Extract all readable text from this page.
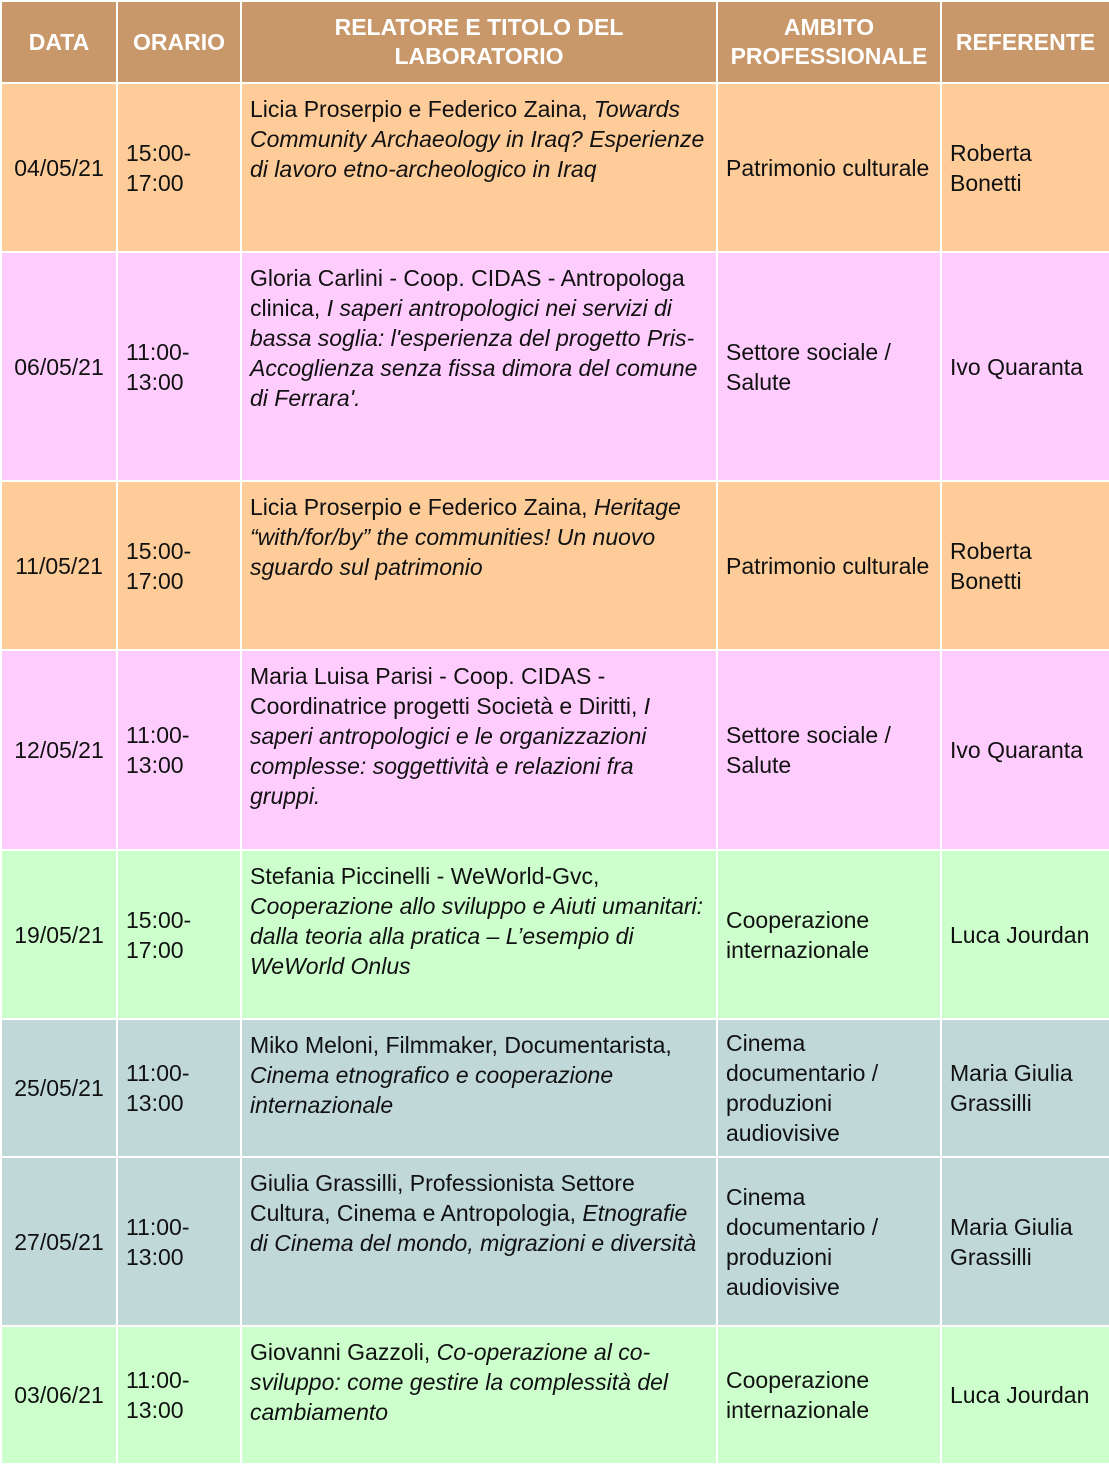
DATA	ORARIO	RELATORE E TITOLO DEL LABORATORIO	AMBITO PROFESSIONALE	REFERENTE
04/05/21	15:00-17:00	Licia Proserpio e Federico Zaina, Towards Community Archaeology in Iraq? Esperienze di lavoro etno-archeologico in Iraq	Patrimonio culturale	Roberta Bonetti
06/05/21	11:00-13:00	Gloria Carlini - Coop. CIDAS - Antropologa clinica, I saperi antropologici nei servizi di bassa soglia: l'esperienza del progetto Pris-Accoglienza senza fissa dimora del comune di Ferrara'.	Settore sociale / Salute	Ivo Quaranta
11/05/21	15:00-17:00	Licia Proserpio e Federico Zaina, Heritage “with/for/by” the communities! Un nuovo sguardo sul patrimonio	Patrimonio culturale	Roberta Bonetti
12/05/21	11:00-13:00	Maria Luisa Parisi - Coop. CIDAS - Coordinatrice progetti Società e Diritti, I saperi antropologici e le organizzazioni complesse: soggettività e relazioni fra gruppi.	Settore sociale / Salute	Ivo Quaranta
19/05/21	15:00-17:00	Stefania Piccinelli - WeWorld-Gvc, Cooperazione allo sviluppo e Aiuti umanitari: dalla teoria alla pratica – L’esempio di WeWorld Onlus	Cooperazione internazionale	Luca Jourdan
25/05/21	11:00-13:00	Miko Meloni, Filmmaker, Documentarista, Cinema etnografico e cooperazione internazionale	Cinema documentario / produzioni audiovisive	Maria Giulia Grassilli
27/05/21	11:00-13:00	Giulia Grassilli, Professionista Settore Cultura, Cinema e Antropologia, Etnografie di Cinema del mondo, migrazioni e diversità	Cinema documentario / produzioni audiovisive	Maria Giulia Grassilli
03/06/21	11:00-13:00	Giovanni Gazzoli, Co-operazione al co-sviluppo: come gestire la complessità del cambiamento	Cooperazione internazionale	Luca Jourdan
